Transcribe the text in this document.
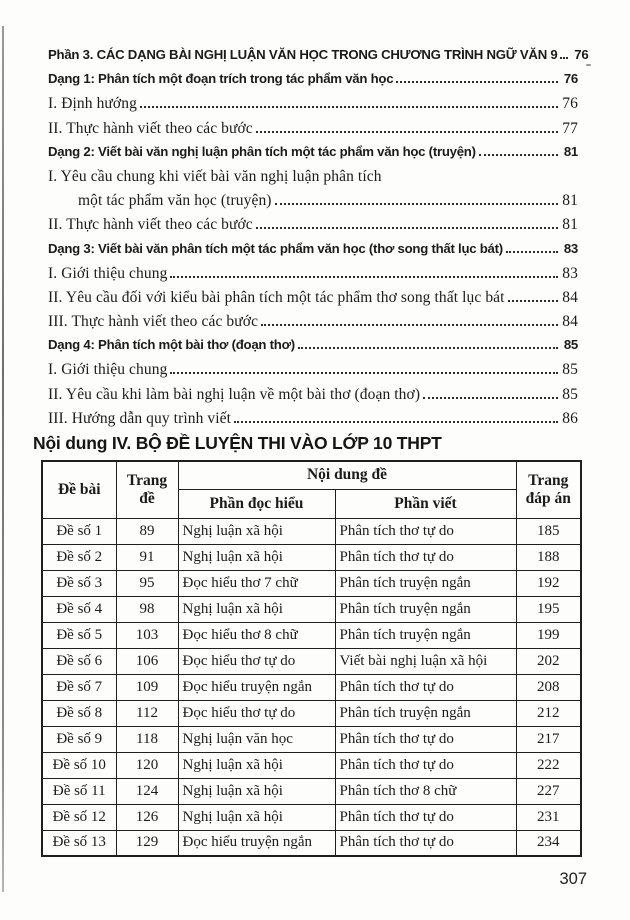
Phần 3. CÁC DẠNG BÀI NGHỊ LUẬN VĂN HỌC TRONG CHƯƠNG TRÌNH NGỮ VĂN 9 76
Dạng 1: Phân tích một đoạn trích trong tác phẩm văn học	76
I. Định hướng	76
II. Thực hành viết theo các bước	77
Dạng 2: Viết bài văn nghị luận phân tích một tác phẩm văn học (truyện)	81
I. Yêu cầu chung khi viết bài văn nghị luận phân tích
một tác phẩm văn học (truyện)	81
II. Thực hành viết theo các bước	81
Dạng 3: Viết bài văn phân tích một tác phẩm văn học (thơ song thất lục bát)	83
I. Giới thiệu chung	83
II. Yêu cầu đối với kiểu bài phân tích một tác phẩm thơ song thất lục bát	84
III. Thực hành viết theo các bước	84
Dạng 4: Phân tích một bài thơ (đoạn thơ)	85
I. Giới thiệu chung	85
II. Yêu cầu khi làm bài nghị luận về một bài thơ (đoạn thơ)	85
III. Hướng dẫn quy trình viết	86
Nội dung IV. BỘ ĐỀ LUYỆN THI VÀO LỚP 10 THPT
Đề bài	Trang đề	Nội dung đề		Trang đáp án
		Phần đọc hiểu	Phần viết	
Đề số 1	89	Nghị luận xã hội	Phân tích thơ tự do	185
Đề số 2	91	Nghị luận xã hội	Phân tích thơ tự do	188
Đề số 3	95	Đọc hiểu thơ 7 chữ	Phân tích truyện ngắn	192
Đề số 4	98	Nghị luận xã hội	Phân tích truyện ngắn	195
Đề số 5	103	Đọc hiểu thơ 8 chữ	Phân tích truyện ngắn	199
Đề số 6	106	Đọc hiểu thơ tự do	Viết bài nghị luận xã hội	202
Đề số 7	109	Đọc hiểu truyện ngắn	Phân tích thơ tự do	208
Đề số 8	112	Đọc hiểu thơ tự do	Phân tích truyện ngắn	212
Đề số 9	118	Nghị luận văn học	Phân tích thơ tự do	217
Đề số 10	120	Nghị luận xã hội	Phân tích thơ tự do	222
Đề số 11	124	Nghị luận xã hội	Phân tích thơ 8 chữ	227
Đề số 12	126	Nghị luận xã hội	Phân tích thơ tự do	231
Đề số 13	129	Đọc hiểu truyện ngắn	Phân tích thơ tự do	234
307
